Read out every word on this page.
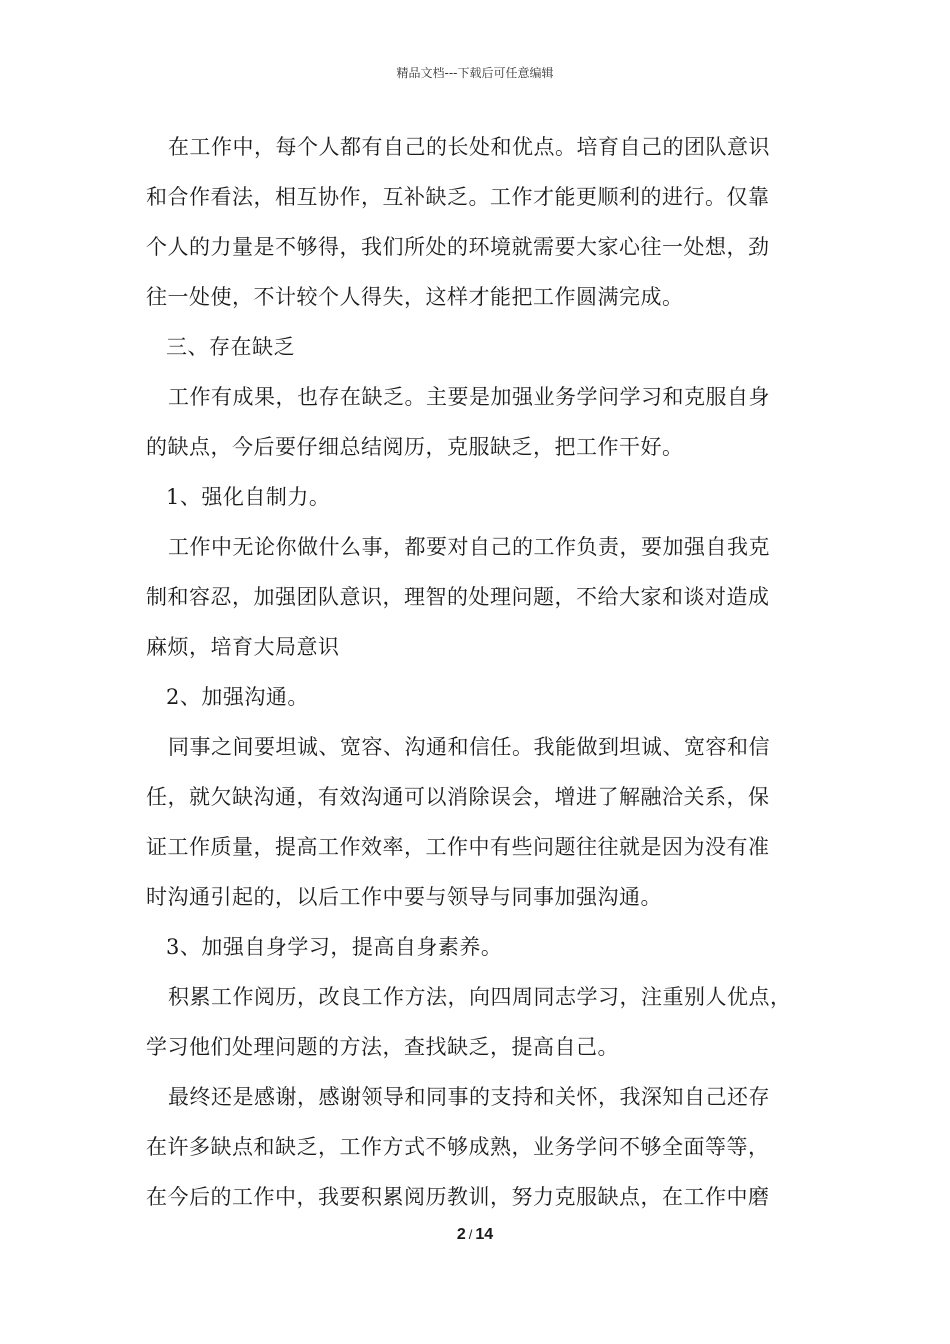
精品文档---下载后可任意编辑
在工作中，每个人都有自己的长处和优点。培育自己的团队意识
和合作看法，相互协作，互补缺乏。工作才能更顺利的进行。仅靠
个人的力量是不够得，我们所处的环境就需要大家心往一处想，劲
往一处使，不计较个人得失，这样才能把工作圆满完成。
三、存在缺乏
工作有成果，也存在缺乏。主要是加强业务学问学习和克服自身
的缺点，今后要仔细总结阅历，克服缺乏，把工作干好。
1、强化自制力。
工作中无论你做什么事，都要对自己的工作负责，要加强自我克
制和容忍，加强团队意识，理智的处理问题，不给大家和谈对造成
麻烦，培育大局意识
2、加强沟通。
同事之间要坦诚、宽容、沟通和信任。我能做到坦诚、宽容和信
任，就欠缺沟通，有效沟通可以消除误会，增进了解融洽关系，保
证工作质量，提高工作效率，工作中有些问题往往就是因为没有准
时沟通引起的，以后工作中要与领导与同事加强沟通。
3、加强自身学习，提高自身素养。
积累工作阅历，改良工作方法，向四周同志学习，注重别人优点，
学习他们处理问题的方法，查找缺乏，提高自己。
最终还是感谢，感谢领导和同事的支持和关怀，我深知自己还存
在许多缺点和缺乏，工作方式不够成熟，业务学问不够全面等等，
在今后的工作中，我要积累阅历教训，努力克服缺点，在工作中磨
2 / 14
